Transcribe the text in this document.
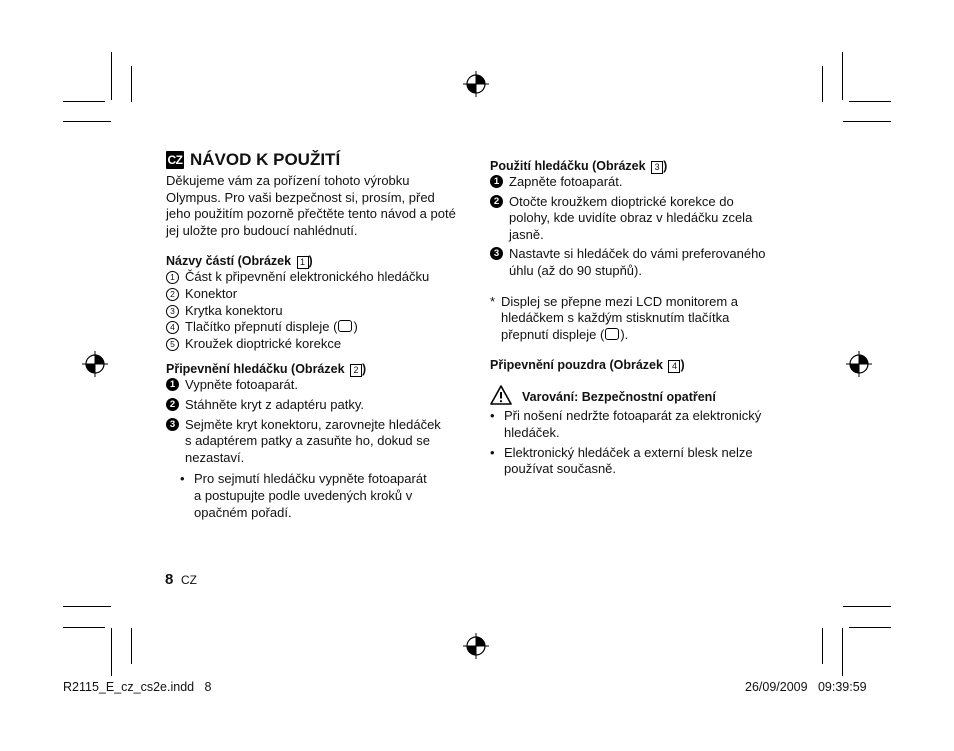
CZ NÁVOD K POUŽITÍ

Děkujeme vám za pořízení tohoto výrobku Olympus. Pro vaši bezpečnost si, prosím, před jeho použitím pozorně přečtěte tento návod a poté jej uložte pro budoucí nahlédnutí.

Názvy částí (Obrázek 1 )

1 Část k připevnění elektronického hledáčku
2 Konektor
3 Krytka konektoru
4 Tlačítko přepnutí displeje ( )
5 Kroužek dioptrické korekce

Připevnění hledáčku (Obrázek 2 )

1 Vypněte fotoaparát.
2 Stáhněte kryt z adaptéru patky.
3 Sejměte kryt konektoru, zarovnejte hledáček
s adaptérem patky a zasuňte ho, dokud se
nezastaví.
• Pro sejmutí hledáčku vypněte fotoaparát
a postupujte podle uvedených kroků v
opačném pořadí.
8 CZ

Použití hledáčku (Obrázek 3 )

1 Zapněte fotoaparát.
2 Otočte kroužkem dioptrické korekce do
polohy, kde uvidíte obraz v hledáčku zcela
jasně.
3 Nastavte si hledáček do vámi preferovaného
úhlu (až do 90 stupňů).
* Displej se přepne mezi LCD monitorem a
hledáčkem s každým stisknutím tlačítka
přepnutí displeje ( ).

Připevnění pouzdra (Obrázek 4 )

Varování: Bezpečnostní opatření
• Při nošení nedržte fotoaparát za elektronický
hledáček.
• Elektronický hledáček a externí blesk nelze
používat současně.
R2115_E_cz_cs2e.indd   8	26/09/2009   09:39:59
